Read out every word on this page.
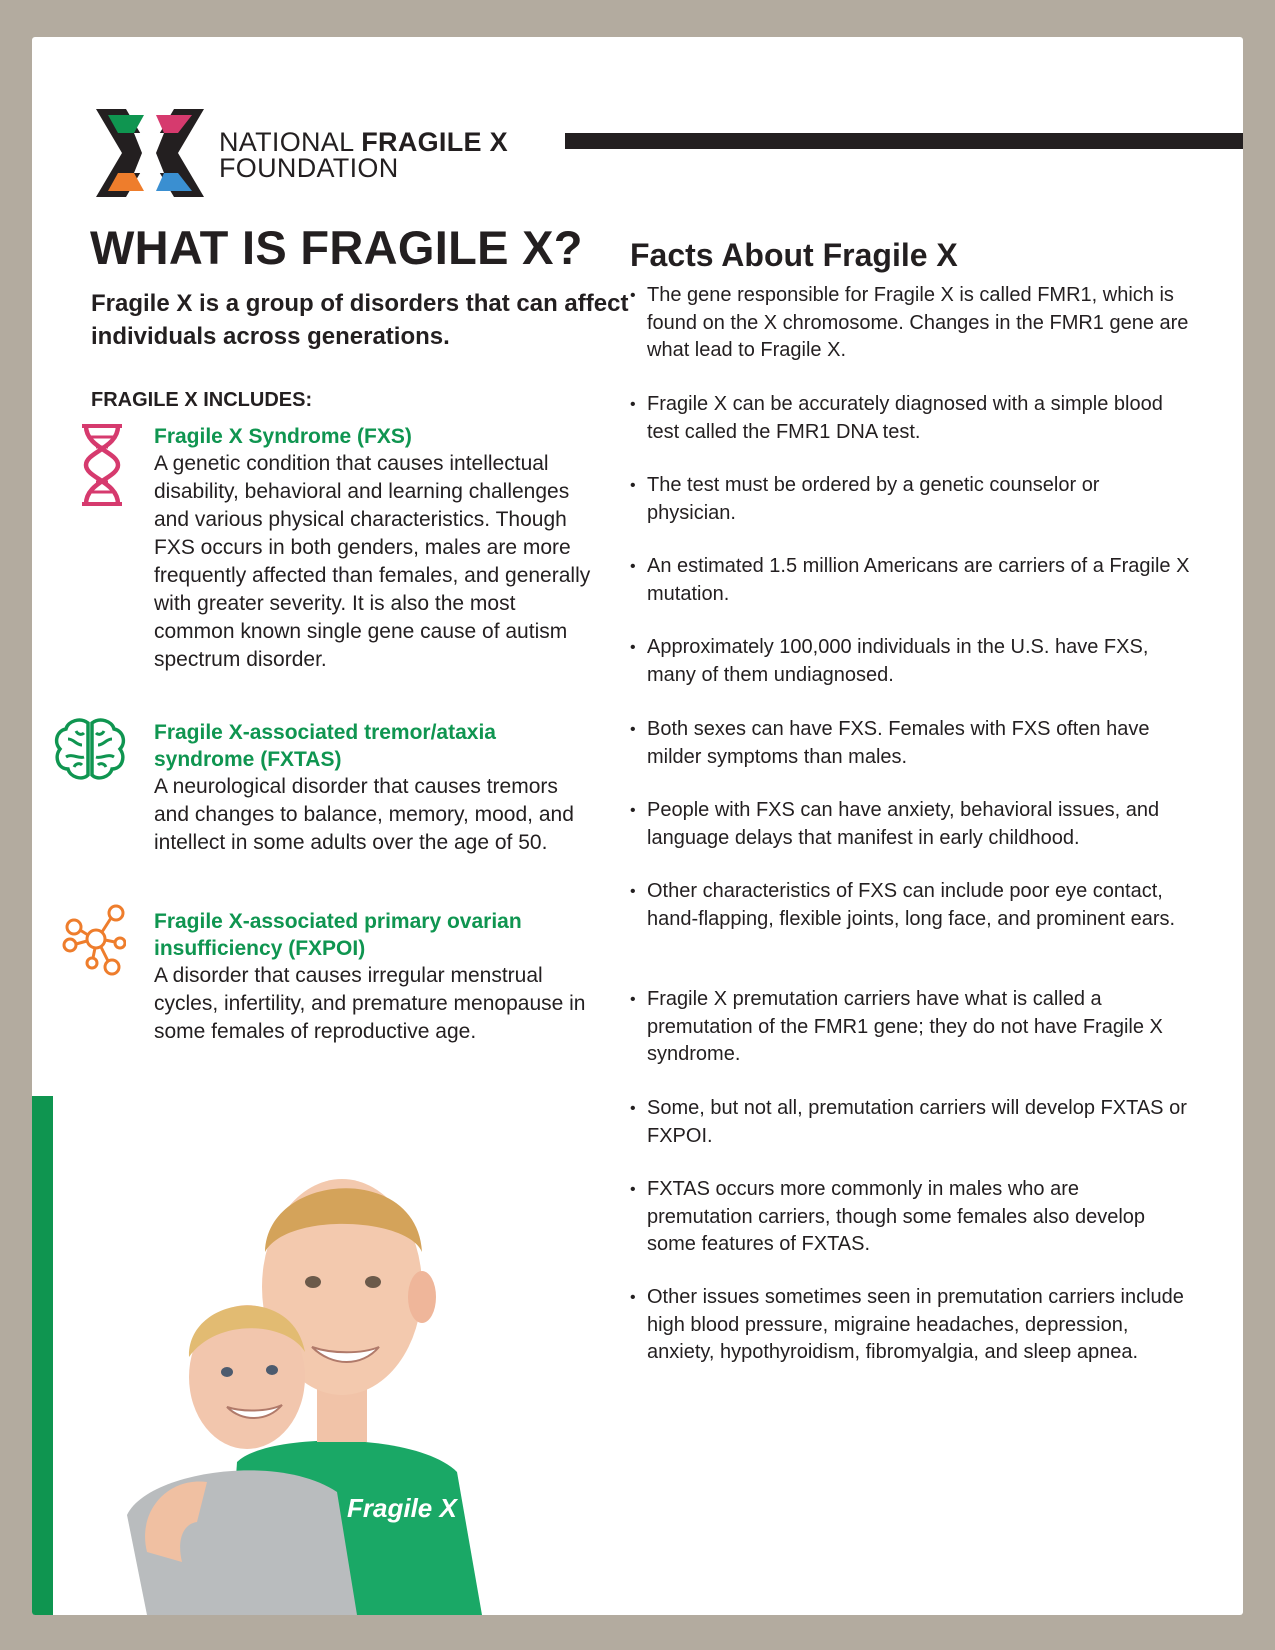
NATIONAL FRAGILE X
FOUNDATION
WHAT IS FRAGILE X?
Fragile X is a group of disorders that can affect individuals across generations.
FRAGILE X INCLUDES:
Fragile X Syndrome (FXS)
A genetic condition that causes intellectual disability, behavioral and learning challenges and various physical characteristics. Though FXS occurs in both genders, males are more frequently affected than females, and generally with greater severity. It is also the most common known single gene cause of autism spectrum disorder.
Fragile X-associated tremor/ataxia syndrome (FXTAS)
A neurological disorder that causes tremors and changes to balance, memory, mood, and intellect in some adults over the age of 50.
Fragile X-associated primary ovarian insufficiency (FXPOI)
A disorder that causes irregular menstrual cycles, infertility, and premature menopause in some females of reproductive age.
Facts About Fragile X
• The gene responsible for Fragile X is called FMR1, which is found on the X chromosome. Changes in the FMR1 gene are what lead to Fragile X.
• Fragile X can be accurately diagnosed with a simple blood test called the FMR1 DNA test.
• The test must be ordered by a genetic counselor or physician.
• An estimated 1.5 million Americans are carriers of a Fragile X mutation.
• Approximately 100,000 individuals in the U.S. have FXS, many of them undiagnosed.
• Both sexes can have FXS. Females with FXS often have milder symptoms than males.
• People with FXS can have anxiety, behavioral issues, and language delays that manifest in early childhood.
• Other characteristics of FXS can include poor eye contact, hand-flapping, flexible joints, long face, and prominent ears.
• Fragile X premutation carriers have what is called a premutation of the FMR1 gene; they do not have Fragile X syndrome.
• Some, but not all, premutation carriers will develop FXTAS or FXPOI.
• FXTAS occurs more commonly in males who are premutation carriers, though some females also develop some features of FXTAS.
• Other issues sometimes seen in premutation carriers include high blood pressure, migraine headaches, depression, anxiety, hypothyroidism, fibromyalgia, and sleep apnea.
Fragile X
